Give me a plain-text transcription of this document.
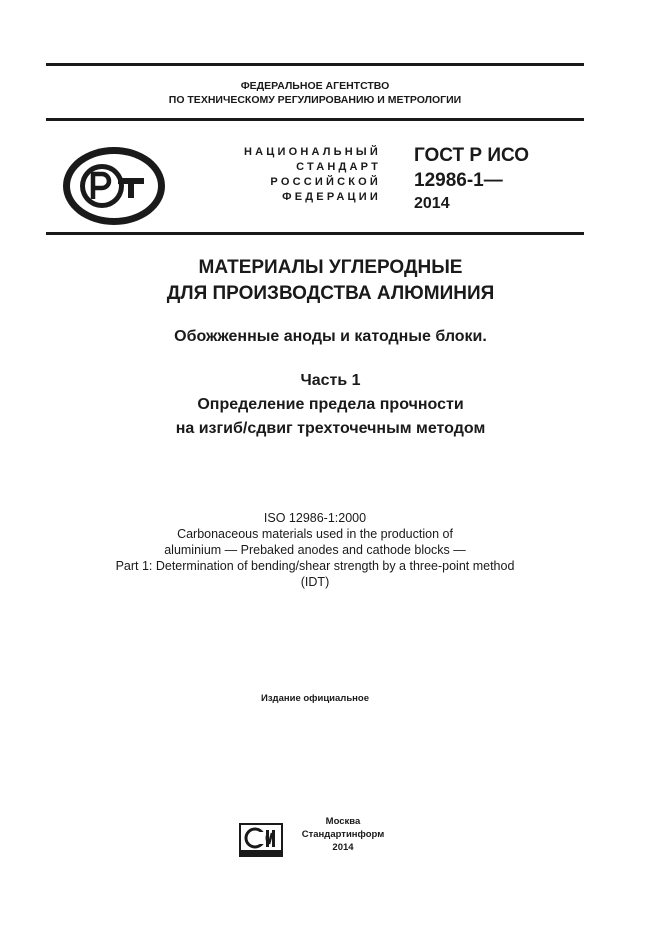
ФЕДЕРАЛЬНОЕ АГЕНТСТВО
ПО ТЕХНИЧЕСКОМУ РЕГУЛИРОВАНИЮ И МЕТРОЛОГИИ
НАЦИОНАЛЬНЫЙ
СТАНДАРТ
РОССИЙСКОЙ
ФЕДЕРАЦИИ
ГОСТ Р ИСО
12986-1—
2014
МАТЕРИАЛЫ УГЛЕРОДНЫЕ
ДЛЯ ПРОИЗВОДСТВА АЛЮМИНИЯ
Обожженные аноды и катодные блоки.
Часть 1
Определение предела прочности
на изгиб/сдвиг трехточечным методом
ISO 12986-1:2000
Carbonaceous materials used in the production of
aluminium — Prebaked anodes and cathode blocks —
Part 1: Determination of bending/shear strength by a three-point method
(IDT)
Издание официальное
Москва
Стандартинформ
2014
